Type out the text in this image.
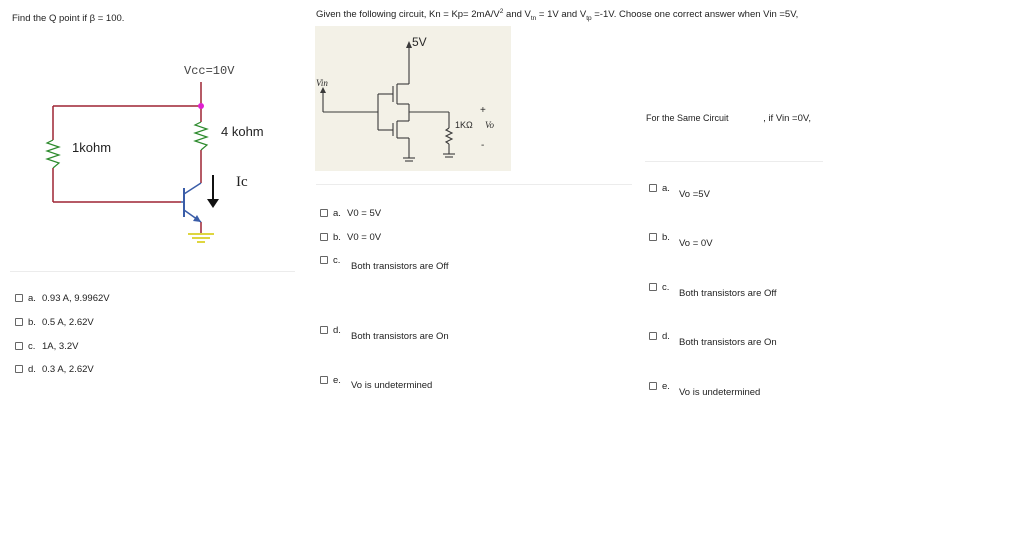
Find the Q point if β = 100.
Vcc=10V
1kohm
4 kohm
Ic
a. 0.93 A, 9.9962V
b. 0.5 A, 2.62V
c. 1A, 3.2V
d. 0.3 A, 2.62V
Given the following circuit, $Kn = Kp= 2mA/V^2$ and $V_{tn} = 1V$ and $V_{tp} =-1V$. Choose one correct answer when Vin =5V,
5V
Vin
1KΩ
+
Vo
-
a. V0 = 5V
b. V0 = 0V
c.
Both transistors are Off
d.
Both transistors are On
e.	Vo is undetermined
For the Same Circuit	, if Vin =0V,
a.
Vo =5V
b.
Vo = 0V
c.
Both transistors are Off
d.
Both transistors are On
e.
Vo is undetermined
